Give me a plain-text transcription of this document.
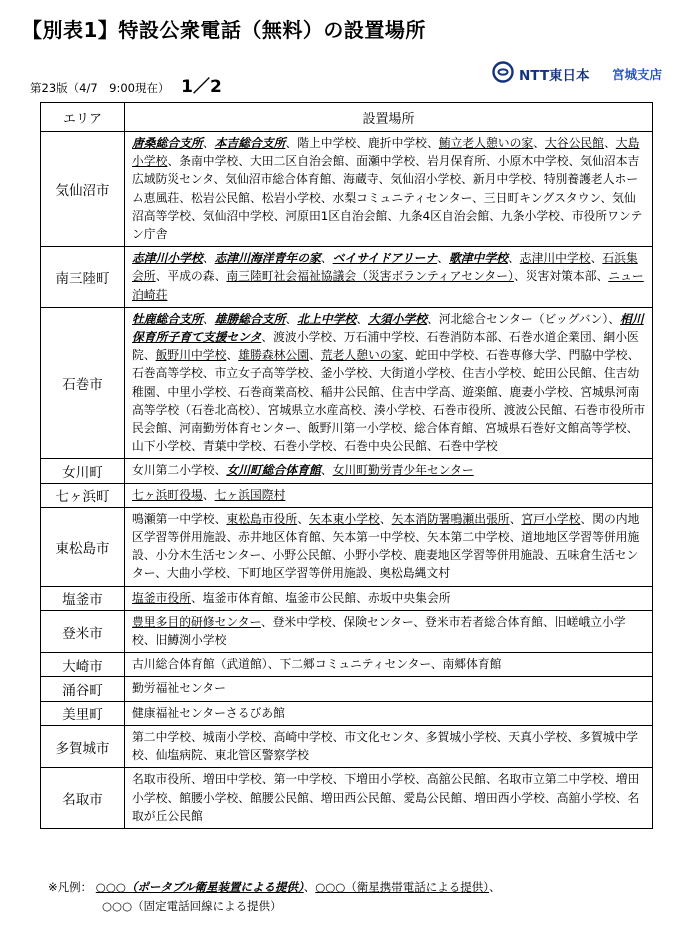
【別表1】特設公衆電話（無料）の設置場所
第23版（4/7　9:00現在） 1／2
NTT東日本 宮城支店
エリア	設置場所
気仙沼市	唐桑総合支所、本吉総合支所、階上中学校、鹿折中学校、鮪立老人憩いの家、大谷公民館、大島小学校、条南中学校、大田二区自治会館、面瀬中学校、岩月保育所、小原木中学校、気仙沼本吉広域防災センタ、気仙沼市総合体育館、海蔵寺、気仙沼小学校、新月中学校、特別養護老人ホーム恵風荘、松岩公民館、松岩小学校、水梨コミュニティセンター、三日町キングスタウン、気仙沼高等学校、気仙沼中学校、河原田1区自治会館、九条4区自治会館、九条小学校、市役所ワンテン庁舎
南三陸町	志津川小学校、志津川海洋青年の家、ベイサイドアリーナ、歌津中学校、志津川中学校、石浜集会所、平成の森、南三陸町社会福祉協議会（災害ボランティアセンター）、災害対策本部、ニュー泊崎荘
石巻市	牡鹿総合支所、雄勝総合支所、北上中学校、大須小学校、河北総合センター（ビッグバン）、相川保育所子育て支援センタ、渡波小学校、万石浦中学校、石巻消防本部、石巻水道企業団、網小医院、飯野川中学校、雄勝森林公園、荒老人憩いの家、蛇田中学校、石巻専修大学、門脇中学校、石巻高等学校、市立女子高等学校、釜小学校、大街道小学校、住吉小学校、蛇田公民館、住吉幼稚園、中里小学校、石巻商業高校、稲井公民館、住吉中学高、遊楽館、鹿妻小学校、宮城県河南高等学校（石巻北高校）、宮城県立水産高校、湊小学校、石巻市役所、渡波公民館、石巻市役所市民会館、河南勤労体育センター、飯野川第一小学校、総合体育館、宮城県石巻好文館高等学校、山下小学校、青葉中学校、石巻小学校、石巻中央公民館、石巻中学校
女川町	女川第二小学校、女川町総合体育館、女川町勤労青少年センター
七ヶ浜町	七ヶ浜町役場、七ヶ浜国際村
東松島市	鳴瀬第一中学校、東松島市役所、矢本東小学校、矢本消防署鳴瀬出張所、宮戸小学校、関の内地区学習等併用施設、赤井地区体育館、矢本第一中学校、矢本第二中学校、道地地区学習等併用施設、小分木生活センター、小野公民館、小野小学校、鹿妻地区学習等併用施設、五味倉生活センター、大曲小学校、下町地区学習等併用施設、奥松島縄文村
塩釜市	塩釜市役所、塩釜市体育館、塩釜市公民館、赤坂中央集会所
登米市	豊里多目的研修センター、登米中学校、保険センター、登米市若者総合体育館、旧嵯峨立小学校、旧鱒渕小学校
大崎市	古川総合体育館（武道館）、下二郷コミュニティセンター、南郷体育館
涌谷町	勤労福祉センター
美里町	健康福祉センターさるびあ館
多賀城市	第二中学校、城南小学校、高崎中学校、市文化センタ、多賀城小学校、天真小学校、多賀城中学校、仙塩病院、東北管区警察学校
名取市	名取市役所、増田中学校、第一中学校、下増田小学校、高舘公民館、名取市立第二中学校、増田小学校、館腰小学校、館腰公民館、増田西公民館、愛島公民館、増田西小学校、高舘小学校、名取が丘公民館
※凡例： ○○○（ポータブル衛星装置による提供）、○○○（衛星携帯電話による提供）、
○○○（固定電話回線による提供）
